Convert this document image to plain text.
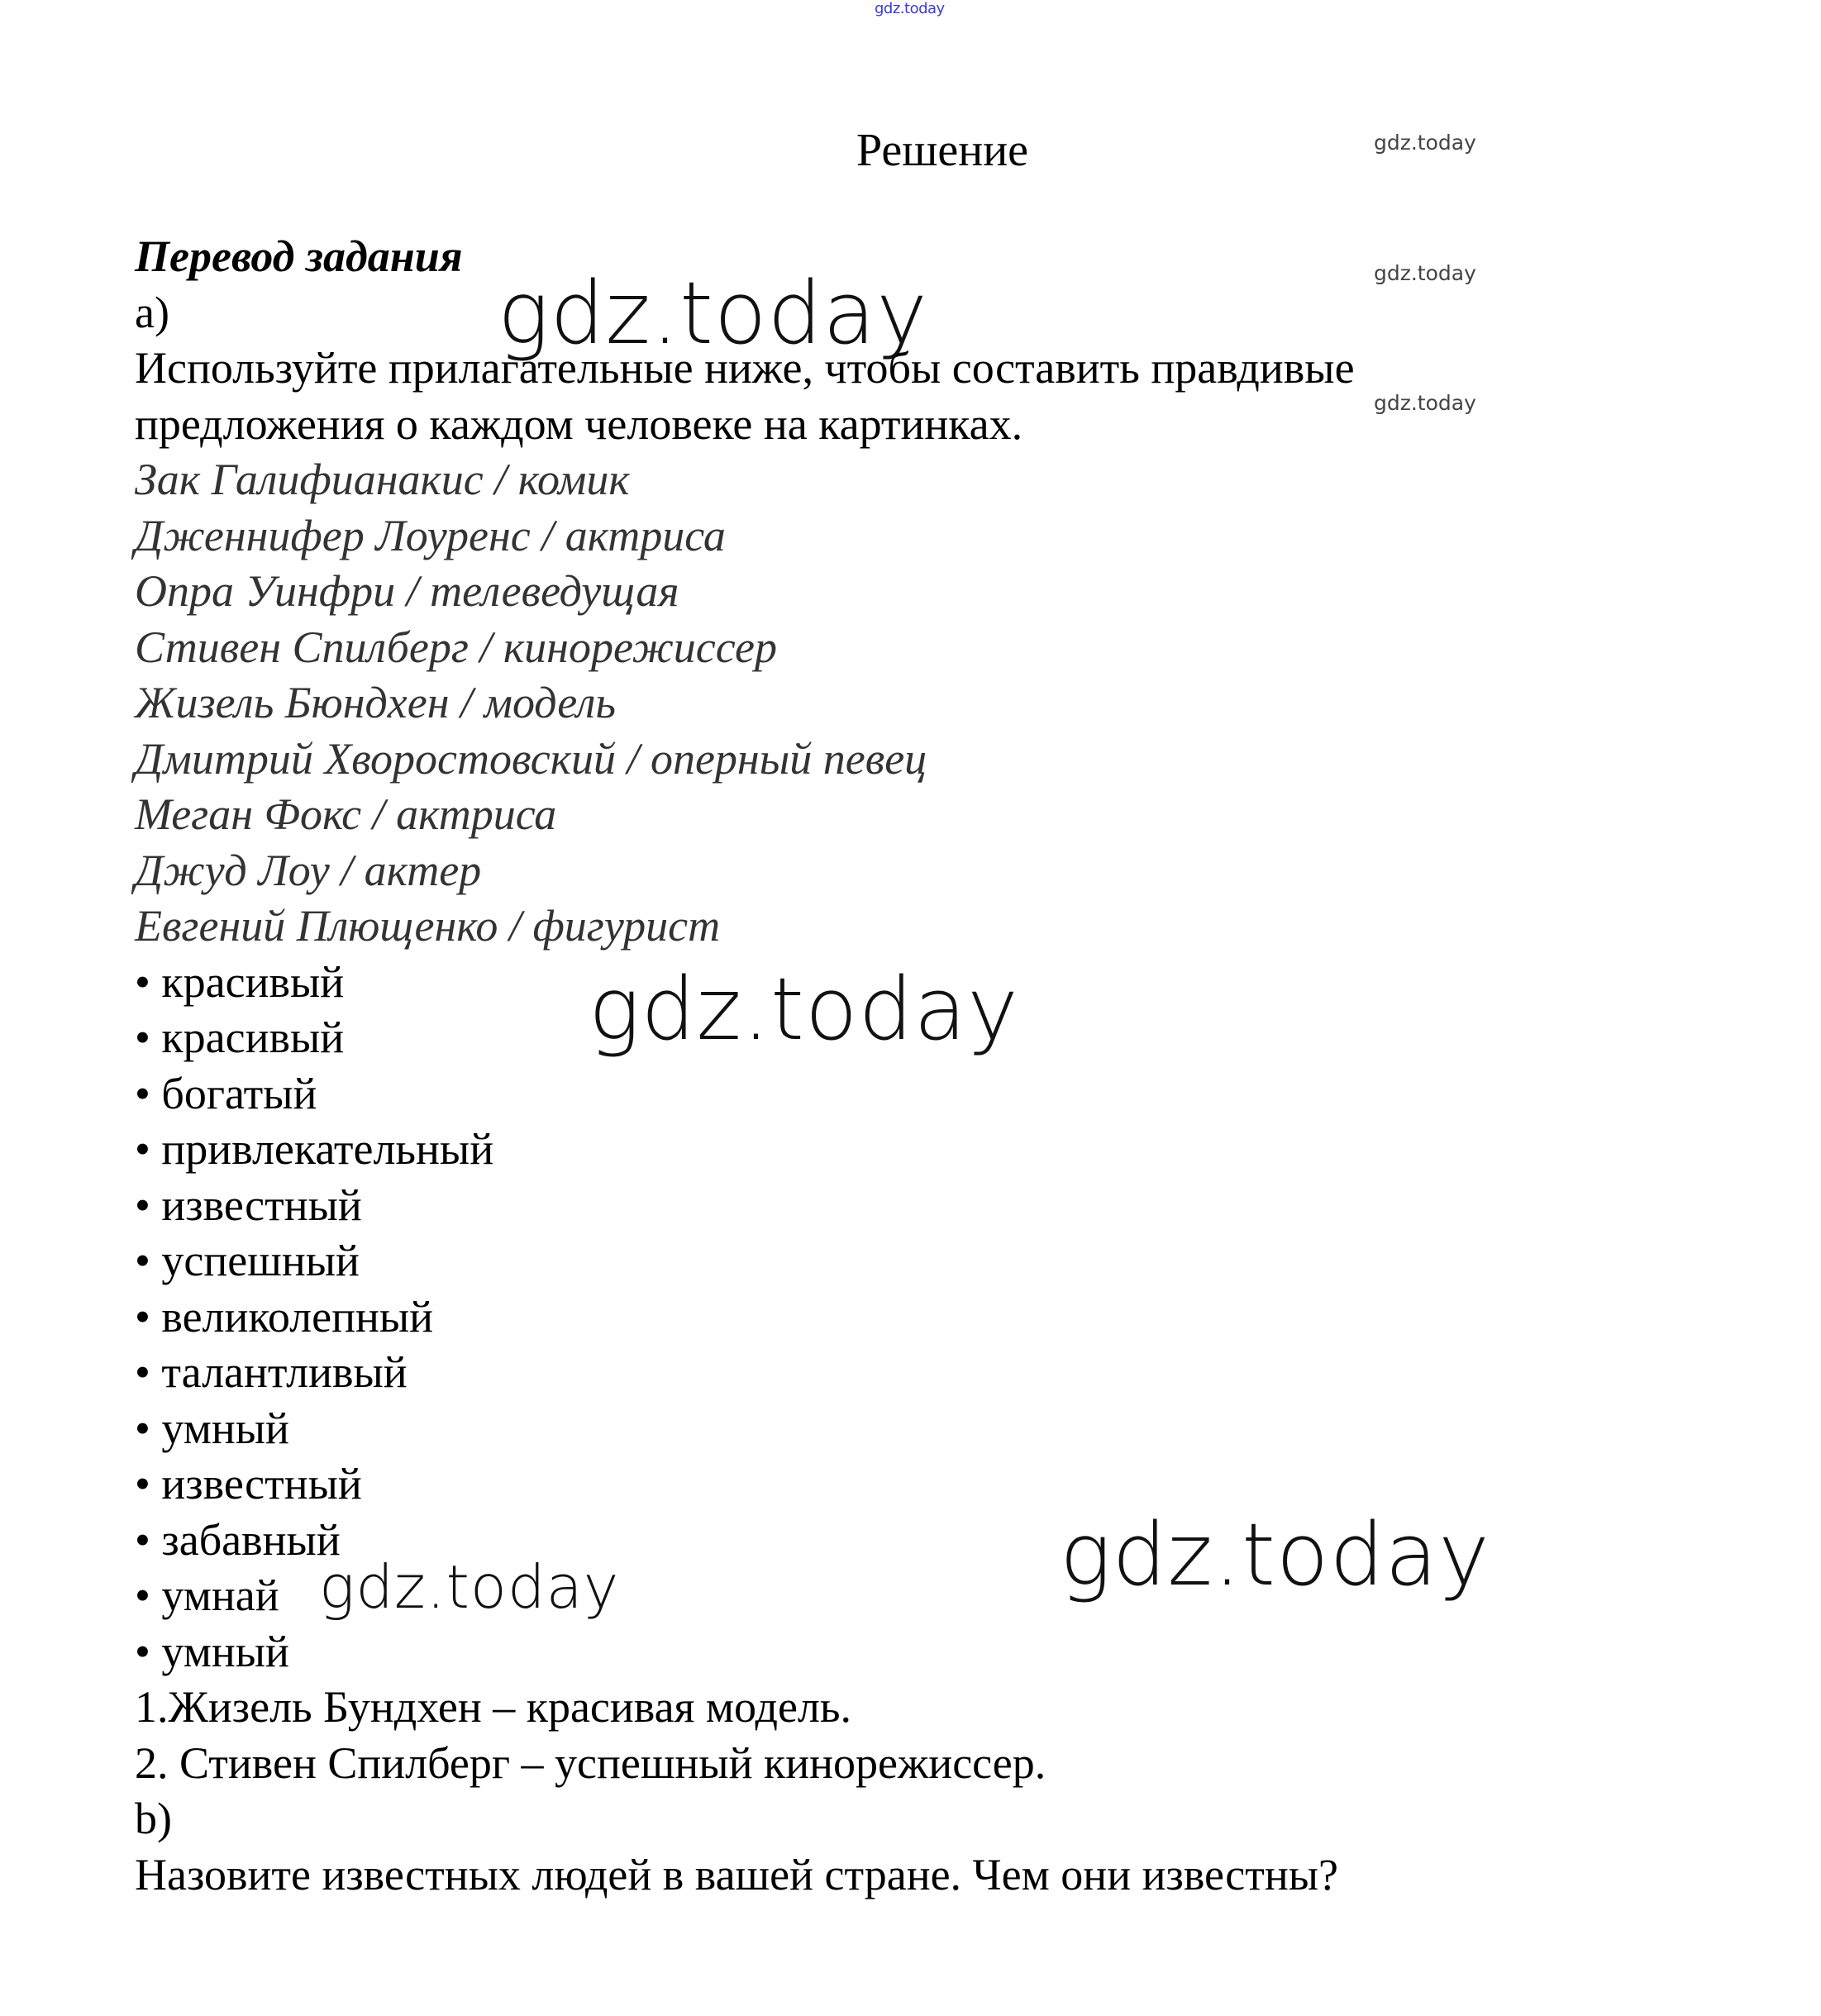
gdz.today
gdz.today
gdz.today
gdz.today
gdz.today
gdz.today
gdz.today
gdz.today
Решение
Перевод задания
a)
Используйте прилагательные ниже, чтобы составить правдивые
предложения о каждом человеке на картинках.
Зак Галифианакис / комик
Дженнифер Лоуренс / актриса
Опра Уинфри / телеведущая
Стивен Спилберг / кинорежиссер
Жизель Бюндхен / модель
Дмитрий Хворостовский / оперный певец
Меган Фокс / актриса
Джуд Лоу / актер
Евгений Плющенко / фигурист
• красивый
• красивый
• богатый
• привлекательный
• известный
• успешный
• великолепный
• талантливый
• умный
• известный
• забавный
• умнай
• умный
1.Жизель Бундхен – красивая модель.
2. Стивен Спилберг – успешный кинорежиссер.
b)
Назовите известных людей в вашей стране. Чем они известны?
